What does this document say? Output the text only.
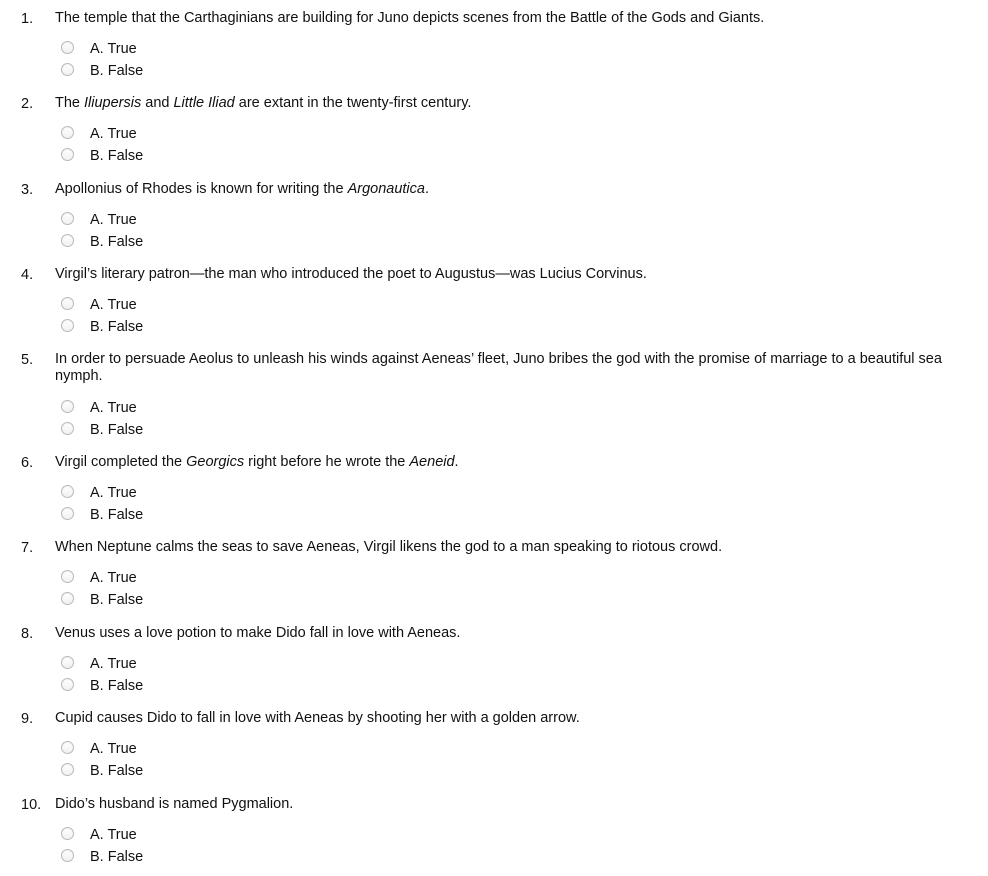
1. The temple that the Carthaginians are building for Juno depicts scenes from the Battle of the Gods and Giants.
A. True
B. False
2. The Iliupersis and Little Iliad are extant in the twenty-first century.
A. True
B. False
3. Apollonius of Rhodes is known for writing the Argonautica.
A. True
B. False
4. Virgil’s literary patron—the man who introduced the poet to Augustus—was Lucius Corvinus.
A. True
B. False
5. In order to persuade Aeolus to unleash his winds against Aeneas’ fleet, Juno bribes the god with the promise of marriage to a beautiful sea nymph.
A. True
B. False
6. Virgil completed the Georgics right before he wrote the Aeneid.
A. True
B. False
7. When Neptune calms the seas to save Aeneas, Virgil likens the god to a man speaking to riotous crowd.
A. True
B. False
8. Venus uses a love potion to make Dido fall in love with Aeneas.
A. True
B. False
9. Cupid causes Dido to fall in love with Aeneas by shooting her with a golden arrow.
A. True
B. False
10. Dido’s husband is named Pygmalion.
A. True
B. False
